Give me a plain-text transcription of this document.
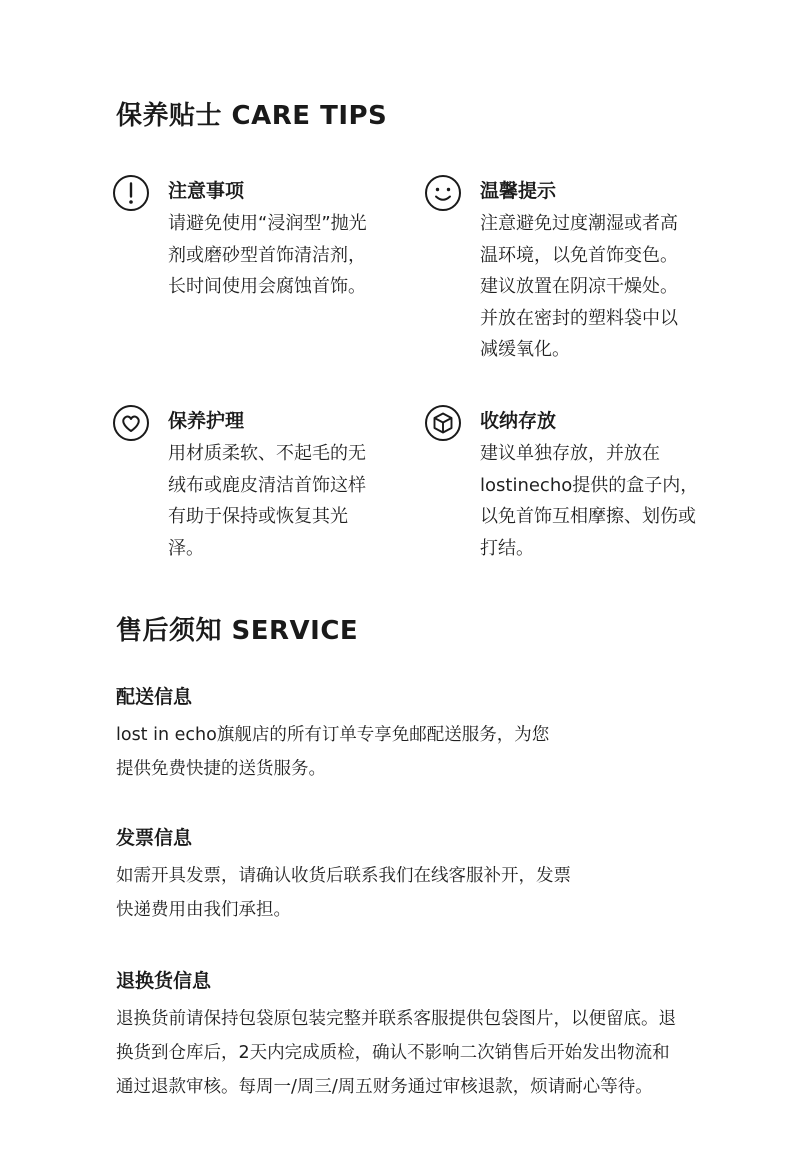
保养贴士 CARE TIPS
注意事项
请避免使用“浸润型”抛光剂或磨砂型首饰清洁剂，长时间使用会腐蚀首饰。
温馨提示
注意避免过度潮湿或者高温环境，以免首饰变色。建议放置在阴凉干燥处。并放在密封的塑料袋中以减缓氧化。
保养护理
用材质柔软、不起毛的无绒布或鹿皮清洁首饰这样有助于保持或恢复其光泽。
收纳存放
建议单独存放，并放在lostinecho提供的盒子内，以免首饰互相摩擦、划伤或打结。
售后须知 SERVICE
配送信息

lost in echo旗舰店的所有订单专享免邮配送服务，为您提供免费快捷的送货服务。

发票信息

如需开具发票，请确认收货后联系我们在线客服补开，发票快递费用由我们承担。

退换货信息

退换货前请保持包袋原包装完整并联系客服提供包袋图片，以便留底。退换货到仓库后，2天内完成质检，确认不影响二次销售后开始发出物流和通过退款审核。每周一/周三/周五财务通过审核退款，烦请耐心等待。
